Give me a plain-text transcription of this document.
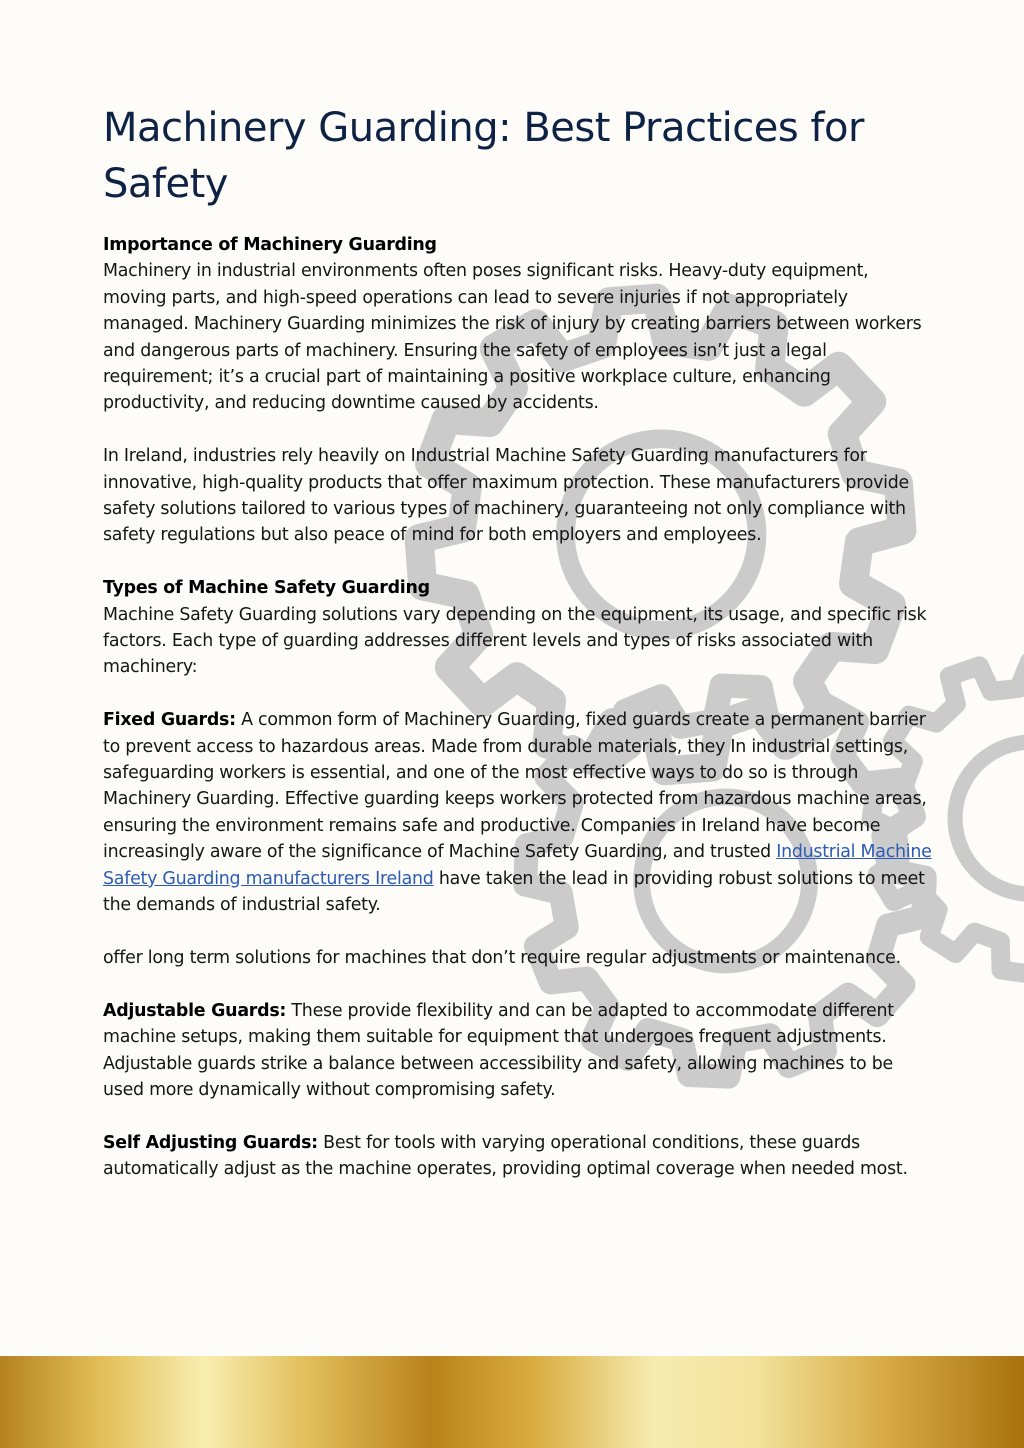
Machinery Guarding: Best Practices for Safety

Importance of Machinery Guarding

Machinery in industrial environments often poses significant risks. Heavy-duty equipment, moving parts, and high-speed operations can lead to severe injuries if not appropriately managed. Machinery Guarding minimizes the risk of injury by creating barriers between workers and dangerous parts of machinery. Ensuring the safety of employees isn’t just a legal requirement; it’s a crucial part of maintaining a positive workplace culture, enhancing productivity, and reducing downtime caused by accidents.

In Ireland, industries rely heavily on Industrial Machine Safety Guarding manufacturers for innovative, high-quality products that offer maximum protection. These manufacturers provide safety solutions tailored to various types of machinery, guaranteeing not only compliance with safety regulations but also peace of mind for both employers and employees.

Types of Machine Safety Guarding

Machine Safety Guarding solutions vary depending on the equipment, its usage, and specific risk factors. Each type of guarding addresses different levels and types of risks associated with machinery:

Fixed Guards: A common form of Machinery Guarding, fixed guards create a permanent barrier to prevent access to hazardous areas. Made from durable materials, they In industrial settings, safeguarding workers is essential, and one of the most effective ways to do so is through Machinery Guarding. Effective guarding keeps workers protected from hazardous machine areas, ensuring the environment remains safe and productive. Companies in Ireland have become increasingly aware of the significance of Machine Safety Guarding, and trusted Industrial Machine Safety Guarding manufacturers Ireland have taken the lead in providing robust solutions to meet the demands of industrial safety.

offer long term solutions for machines that don’t require regular adjustments or maintenance.

Adjustable Guards: These provide flexibility and can be adapted to accommodate different machine setups, making them suitable for equipment that undergoes frequent adjustments. Adjustable guards strike a balance between accessibility and safety, allowing machines to be used more dynamically without compromising safety.

Self Adjusting Guards: Best for tools with varying operational conditions, these guards automatically adjust as the machine operates, providing optimal coverage when needed most.
